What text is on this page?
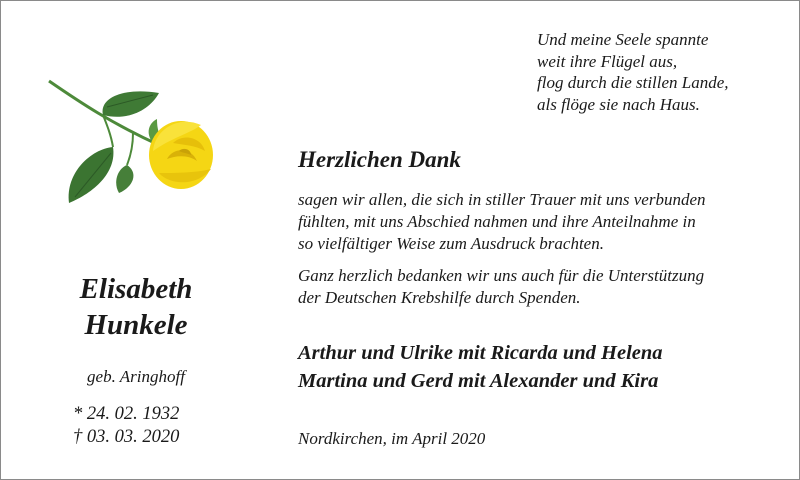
Und meine Seele spannte
weit ihre Flügel aus,
flog durch die stillen Lande,
als flöge sie nach Haus.
Herzlichen Dank
sagen wir allen, die sich in stiller Trauer mit uns verbunden
fühlten, mit uns Abschied nahmen und ihre Anteilnahme in
so vielfältiger Weise zum Ausdruck brachten.
Ganz herzlich bedanken wir uns auch für die Unterstützung
der Deutschen Krebshilfe durch Spenden.
Arthur und Ulrike mit Ricarda und Helena
Martina und Gerd mit Alexander und Kira
Elisabeth
Hunkele
geb. Aringhoff
* 24. 02. 1932
† 03. 03. 2020	Nordkirchen, im April 2020
